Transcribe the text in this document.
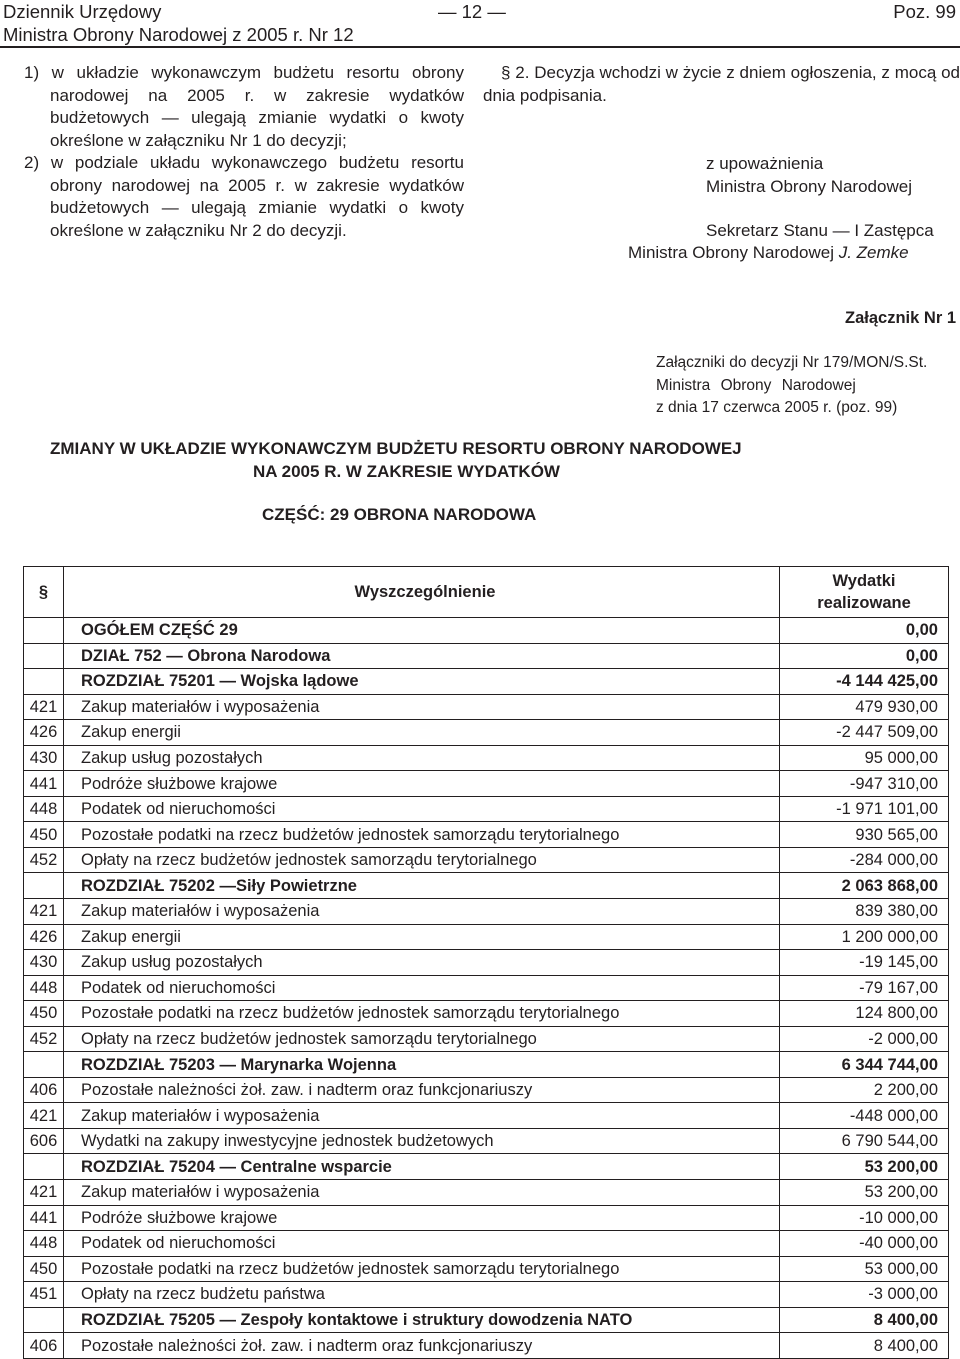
Dziennik Urzędowy
Ministra Obrony Narodowej z 2005 r. Nr 12
— 12 —	Poz. 99

1) w układzie wykonawczym budżetu resortu obrony narodowej na 2005 r. w zakresie wydatków budżetowych — ulegają zmianie wydatki o kwoty określone w załączniku Nr 1 do decyzji;

2) w podziale układu wykonawczego budżetu resortu obrony narodowej na 2005 r. w zakresie wydatków budżetowych — ulegają zmianie wydatki o kwoty określone w załączniku Nr 2 do decyzji.

§ 2. Decyzja wchodzi w życie z dniem ogłoszenia, z mocą od dnia podpisania.

z upoważnienia
Ministra Obrony Narodowej
Sekretarz Stanu — I Zastępca
Ministra Obrony Narodowej J. Zemke
Załącznik Nr 1
Załączniki do decyzji Nr 179/MON/S.St.
Ministra Obrony Narodowej
z dnia 17 czerwca 2005 r. (poz. 99)
ZMIANY W UKŁADZIE WYKONAWCZYM BUDŻETU RESORTU OBRONY NARODOWEJ
NA 2005 R. W ZAKRESIE WYDATKÓW
CZĘŚĆ: 29 OBRONA NARODOWA
§	Wyszczególnienie	Wydatki
realizowane

	OGÓŁEM CZĘŚĆ 29	0,00
	DZIAŁ 752 — Obrona Narodowa	0,00
	ROZDZIAŁ 75201 — Wojska lądowe	-4 144 425,00
421	Zakup materiałów i wyposażenia	479 930,00
426	Zakup energii	-2 447 509,00
430	Zakup usług pozostałych	95 000,00
441	Podróże służbowe krajowe	-947 310,00
448	Podatek od nieruchomości	-1 971 101,00
450	Pozostałe podatki na rzecz budżetów jednostek samorządu terytorialnego	930 565,00
452	Opłaty na rzecz budżetów jednostek samorządu terytorialnego	-284 000,00
	ROZDZIAŁ 75202 —Siły Powietrzne	2 063 868,00
421	Zakup materiałów i wyposażenia	839 380,00
426	Zakup energii	1 200 000,00
430	Zakup usług pozostałych	-19 145,00
448	Podatek od nieruchomości	-79 167,00
450	Pozostałe podatki na rzecz budżetów jednostek samorządu terytorialnego	124 800,00
452	Opłaty na rzecz budżetów jednostek samorządu terytorialnego	-2 000,00
	ROZDZIAŁ 75203 — Marynarka Wojenna	6 344 744,00
406	Pozostałe należności żoł. zaw. i nadterm oraz funkcjonariuszy	2 200,00
421	Zakup materiałów i wyposażenia	-448 000,00
606	Wydatki na zakupy inwestycyjne jednostek budżetowych	6 790 544,00
	ROZDZIAŁ 75204 — Centralne wsparcie	53 200,00
421	Zakup materiałów i wyposażenia	53 200,00
441	Podróże służbowe krajowe	-10 000,00
448	Podatek od nieruchomości	-40 000,00
450	Pozostałe podatki na rzecz budżetów jednostek samorządu terytorialnego	53 000,00
451	Opłaty na rzecz budżetu państwa	-3 000,00
	ROZDZIAŁ 75205 — Zespoły kontaktowe i struktury dowodzenia NATO	8 400,00
406	Pozostałe należności żoł. zaw. i nadterm oraz funkcjonariuszy	8 400,00
